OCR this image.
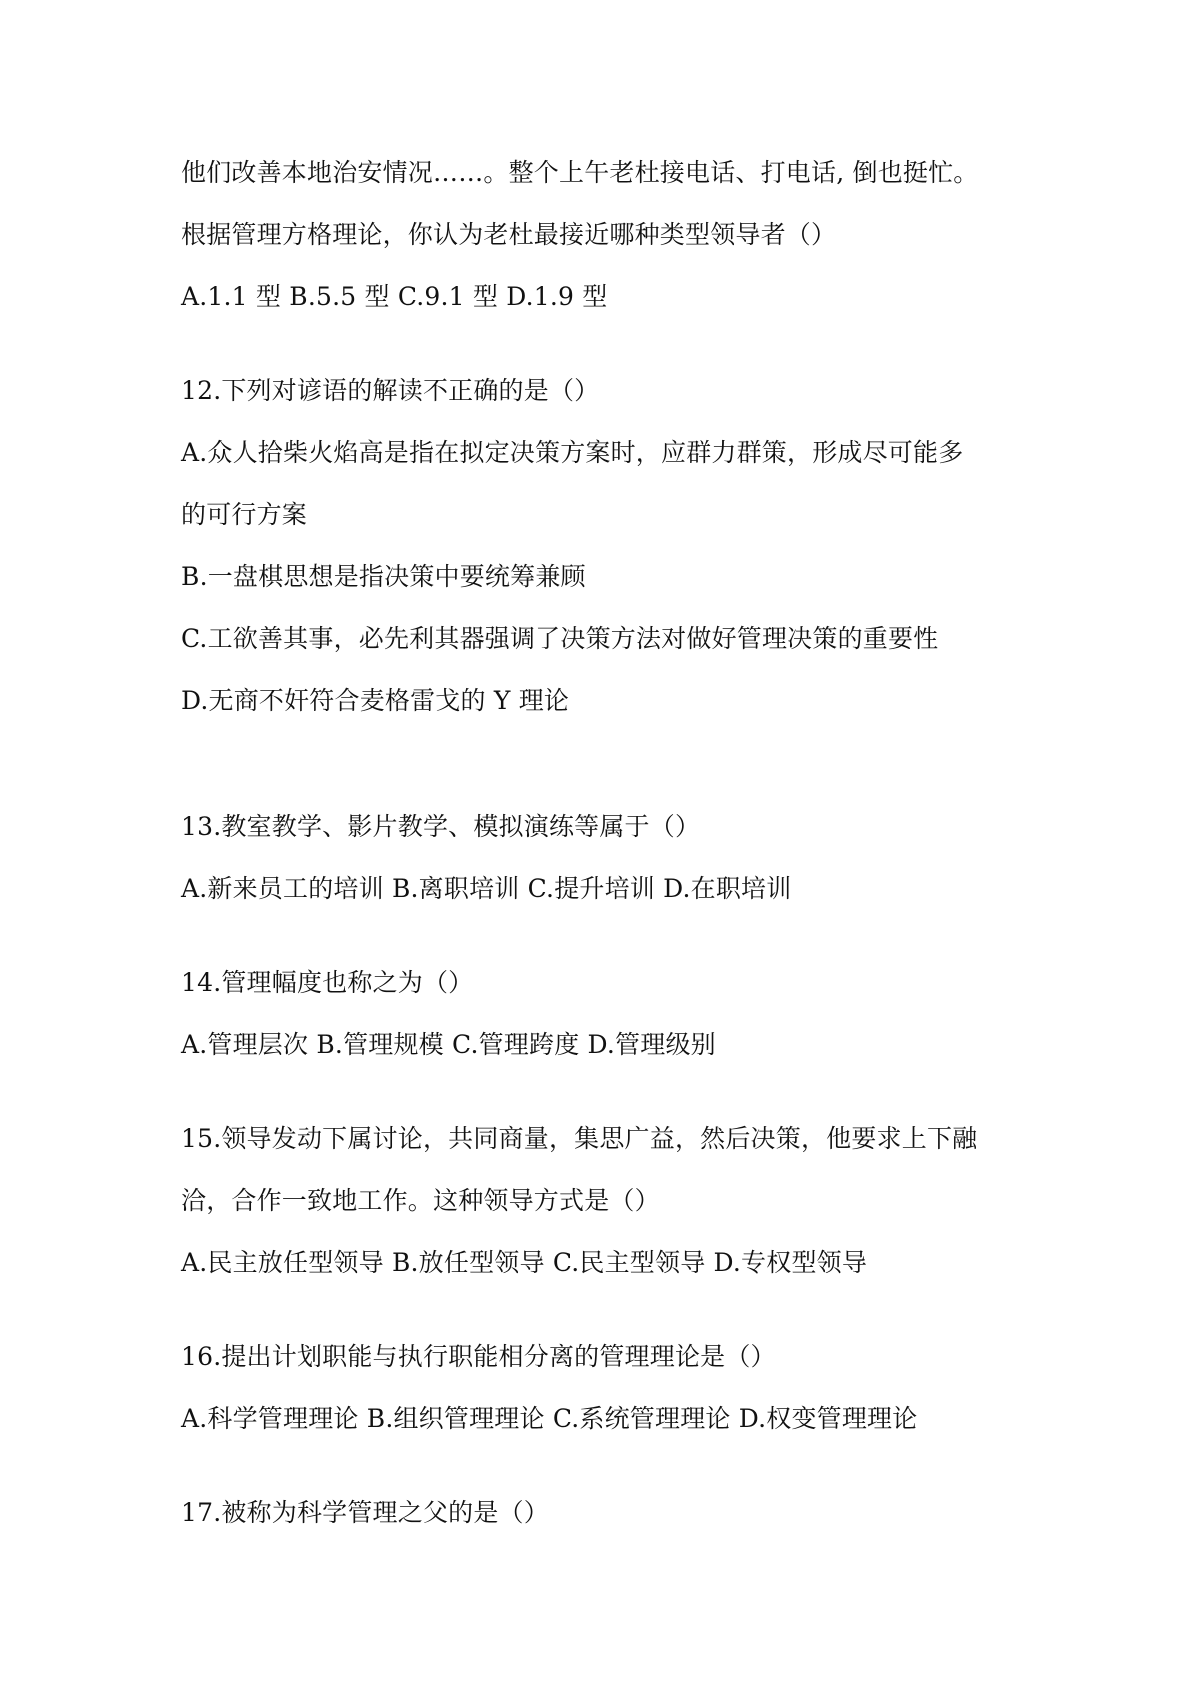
他们改善本地治安情况……。整个上午老杜接电话、打电话, 倒也挺忙。
根据管理方格理论，你认为老杜最接近哪种类型领导者（）
A.1.1 型 B.5.5 型 C.9.1 型 D.1.9 型
12.下列对谚语的解读不正确的是（）
A.众人拾柴火焰高是指在拟定决策方案时，应群力群策，形成尽可能多
的可行方案
B.一盘棋思想是指决策中要统筹兼顾
C.工欲善其事，必先利其器强调了决策方法对做好管理决策的重要性
D.无商不奸符合麦格雷戈的 Y 理论
13.教室教学、影片教学、模拟演练等属于（）
A.新来员工的培训 B.离职培训 C.提升培训 D.在职培训
14.管理幅度也称之为（）
A.管理层次 B.管理规模 C.管理跨度 D.管理级别
15.领导发动下属讨论，共同商量，集思广益，然后决策，他要求上下融
洽，合作一致地工作。这种领导方式是（）
A.民主放任型领导 B.放任型领导 C.民主型领导 D.专权型领导
16.提出计划职能与执行职能相分离的管理理论是（）
A.科学管理理论 B.组织管理理论 C.系统管理理论 D.权变管理理论
17.被称为科学管理之父的是（）
